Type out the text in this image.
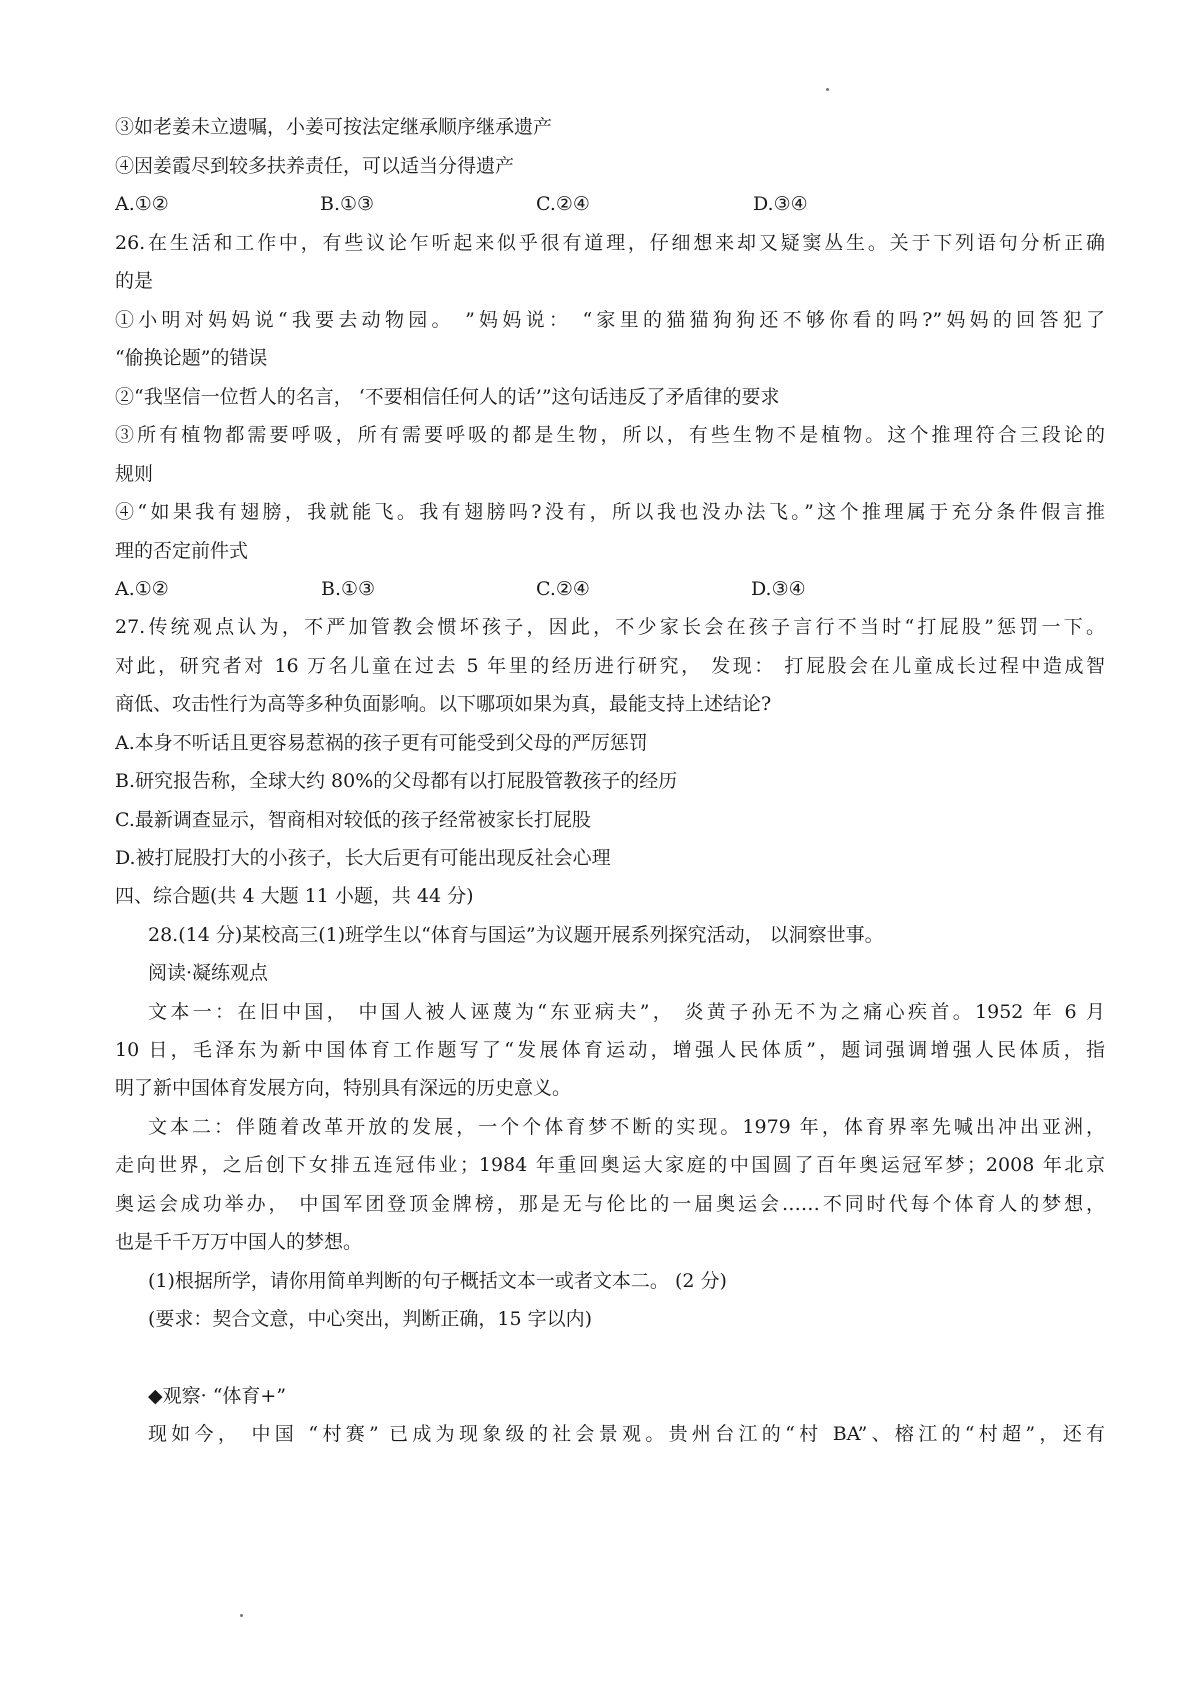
③如老姜未立遗嘱，小姜可按法定继承顺序继承遗产
④因姜霞尽到较多扶养责任，可以适当分得遗产
A.①②	B.①③	C.②④	D.③④
26.在生活和工作中，有些议论乍听起来似乎很有道理，仔细想来却又疑窦丛生。关于下列语句分析正确
的是
①小明对妈妈说“我要去动物园。 ”妈妈说： “家里的猫猫狗狗还不够你看的吗?”妈妈的回答犯了
“偷换论题”的错误
②“我坚信一位哲人的名言， ‘不要相信任何人的话’”这句话违反了矛盾律的要求
③所有植物都需要呼吸，所有需要呼吸的都是生物，所以，有些生物不是植物。这个推理符合三段论的
规则
④“如果我有翅膀，我就能飞。我有翅膀吗?没有，所以我也没办法飞。”这个推理属于充分条件假言推
理的否定前件式
A.①②	B.①③	C.②④	D.③④
27.传统观点认为，不严加管教会惯坏孩子，因此，不少家长会在孩子言行不当时“打屁股”惩罚一下。
对此，研究者对 16 万名儿童在过去 5 年里的经历进行研究， 发现： 打屁股会在儿童成长过程中造成智
商低、攻击性行为高等多种负面影响。以下哪项如果为真，最能支持上述结论?
A.本身不听话且更容易惹祸的孩子更有可能受到父母的严厉惩罚
B.研究报告称，全球大约 80%的父母都有以打屁股管教孩子的经历
C.最新调查显示，智商相对较低的孩子经常被家长打屁股
D.被打屁股打大的小孩子，长大后更有可能出现反社会心理
四、综合题(共 4 大题 11 小题，共 44 分)
28.(14 分)某校高三(1)班学生以“体育与国运”为议题开展系列探究活动， 以洞察世事。
阅读·凝练观点
文本一：在旧中国， 中国人被人诬蔑为“东亚病夫”， 炎黄子孙无不为之痛心疾首。1952 年 6 月
10 日，毛泽东为新中国体育工作题写了“发展体育运动，增强人民体质”，题词强调增强人民体质，指
明了新中国体育发展方向，特别具有深远的历史意义。
文本二：伴随着改革开放的发展，一个个体育梦不断的实现。1979 年，体育界率先喊出冲出亚洲，
走向世界，之后创下女排五连冠伟业；1984 年重回奥运大家庭的中国圆了百年奥运冠军梦；2008 年北京
奥运会成功举办， 中国军团登顶金牌榜，那是无与伦比的一届奥运会……不同时代每个体育人的梦想，
也是千千万万中国人的梦想。
(1)根据所学，请你用简单判断的句子概括文本一或者文本二。 (2 分)
(要求：契合文意，中心突出，判断正确，15 字以内)
◆观察· “体育+”
现如今， 中国 “村赛” 已成为现象级的社会景观。贵州台江的“村 BA”、榕江的“村超”，还有
